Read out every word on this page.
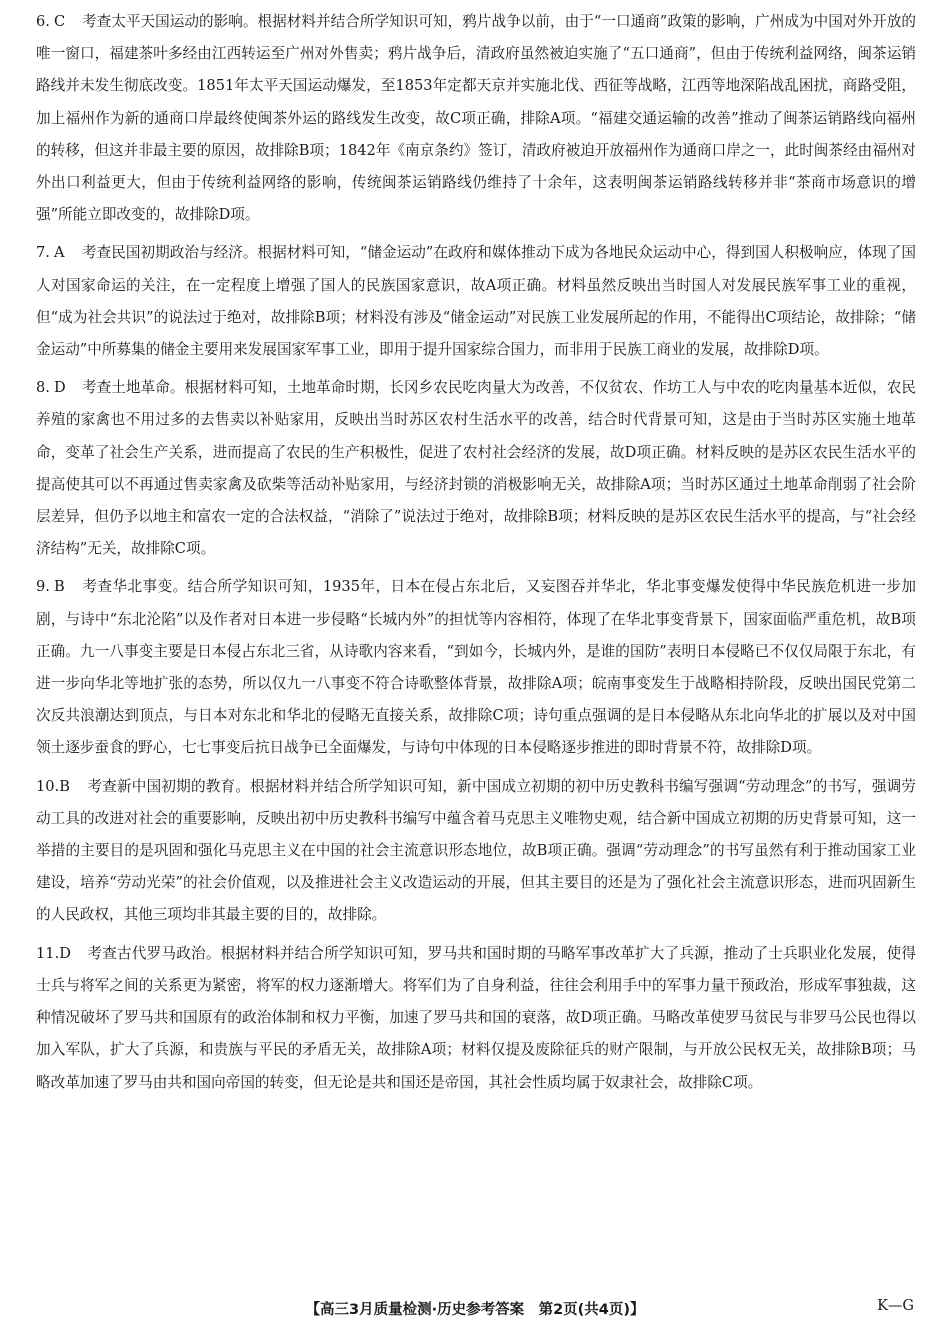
6. C 考查太平天国运动的影响。根据材料并结合所学知识可知，鸦片战争以前，由于“一口通商”政策的影响，广州成为中国对外开放的唯一窗口，福建茶叶多经由江西转运至广州对外售卖；鸦片战争后，清政府虽然被迫实施了“五口通商”，但由于传统利益网络，闽茶运销路线并未发生彻底改变。1851年太平天国运动爆发，至1853年定都天京并实施北伐、西征等战略，江西等地深陷战乱困扰，商路受阻，加上福州作为新的通商口岸最终使闽茶外运的路线发生改变，故C项正确，排除A项。“福建交通运输的改善”推动了闽茶运销路线向福州的转移，但这并非最主要的原因，故排除B项；1842年《南京条约》签订，清政府被迫开放福州作为通商口岸之一，此时闽茶经由福州对外出口利益更大，但由于传统利益网络的影响，传统闽茶运销路线仍维持了十余年，这表明闽茶运销路线转移并非“茶商市场意识的增强”所能立即改变的，故排除D项。

7. A 考查民国初期政治与经济。根据材料可知，“储金运动”在政府和媒体推动下成为各地民众运动中心，得到国人积极响应，体现了国人对国家命运的关注，在一定程度上增强了国人的民族国家意识，故A项正确。材料虽然反映出当时国人对发展民族军事工业的重视，但“成为社会共识”的说法过于绝对，故排除B项；材料没有涉及“储金运动”对民族工业发展所起的作用，不能得出C项结论，故排除；“储金运动”中所募集的储金主要用来发展国家军事工业，即用于提升国家综合国力，而非用于民族工商业的发展，故排除D项。

8. D 考查土地革命。根据材料可知，土地革命时期，长冈乡农民吃肉量大为改善，不仅贫农、作坊工人与中农的吃肉量基本近似，农民养殖的家禽也不用过多的去售卖以补贴家用，反映出当时苏区农村生活水平的改善，结合时代背景可知，这是由于当时苏区实施土地革命，变革了社会生产关系，进而提高了农民的生产积极性，促进了农村社会经济的发展，故D项正确。材料反映的是苏区农民生活水平的提高使其可以不再通过售卖家禽及砍柴等活动补贴家用，与经济封锁的消极影响无关，故排除A项；当时苏区通过土地革命削弱了社会阶层差异，但仍予以地主和富农一定的合法权益，“消除了”说法过于绝对，故排除B项；材料反映的是苏区农民生活水平的提高，与“社会经济结构”无关，故排除C项。

9. B 考查华北事变。结合所学知识可知，1935年，日本在侵占东北后，又妄图吞并华北，华北事变爆发使得中华民族危机进一步加剧，与诗中“东北沦陷”以及作者对日本进一步侵略“长城内外”的担忧等内容相符，体现了在华北事变背景下，国家面临严重危机，故B项正确。九一八事变主要是日本侵占东北三省，从诗歌内容来看，“到如今，长城内外，是谁的国防”表明日本侵略已不仅仅局限于东北，有进一步向华北等地扩张的态势，所以仅九一八事变不符合诗歌整体背景，故排除A项；皖南事变发生于战略相持阶段，反映出国民党第二次反共浪潮达到顶点，与日本对东北和华北的侵略无直接关系，故排除C项；诗句重点强调的是日本侵略从东北向华北的扩展以及对中国领土逐步蚕食的野心，七七事变后抗日战争已全面爆发，与诗句中体现的日本侵略逐步推进的即时背景不符，故排除D项。

10.B 考查新中国初期的教育。根据材料并结合所学知识可知，新中国成立初期的初中历史教科书编写强调“劳动理念”的书写，强调劳动工具的改进对社会的重要影响，反映出初中历史教科书编写中蕴含着马克思主义唯物史观，结合新中国成立初期的历史背景可知，这一举措的主要目的是巩固和强化马克思主义在中国的社会主流意识形态地位，故B项正确。强调“劳动理念”的书写虽然有利于推动国家工业建设，培养“劳动光荣”的社会价值观，以及推进社会主义改造运动的开展，但其主要目的还是为了强化社会主流意识形态，进而巩固新生的人民政权，其他三项均非其最主要的目的，故排除。

11.D 考查古代罗马政治。根据材料并结合所学知识可知，罗马共和国时期的马略军事改革扩大了兵源，推动了士兵职业化发展，使得士兵与将军之间的关系更为紧密，将军的权力逐渐增大。将军们为了自身利益，往往会利用手中的军事力量干预政治，形成军事独裁，这种情况破坏了罗马共和国原有的政治体制和权力平衡，加速了罗马共和国的衰落，故D项正确。马略改革使罗马贫民与非罗马公民也得以加入军队，扩大了兵源，和贵族与平民的矛盾无关，故排除A项；材料仅提及废除征兵的财产限制，与开放公民权无关，故排除B项；马略改革加速了罗马由共和国向帝国的转变，但无论是共和国还是帝国，其社会性质均属于奴隶社会，故排除C项。

【高三3月质量检测·历史参考答案　第2页(共4页)】	K—G
